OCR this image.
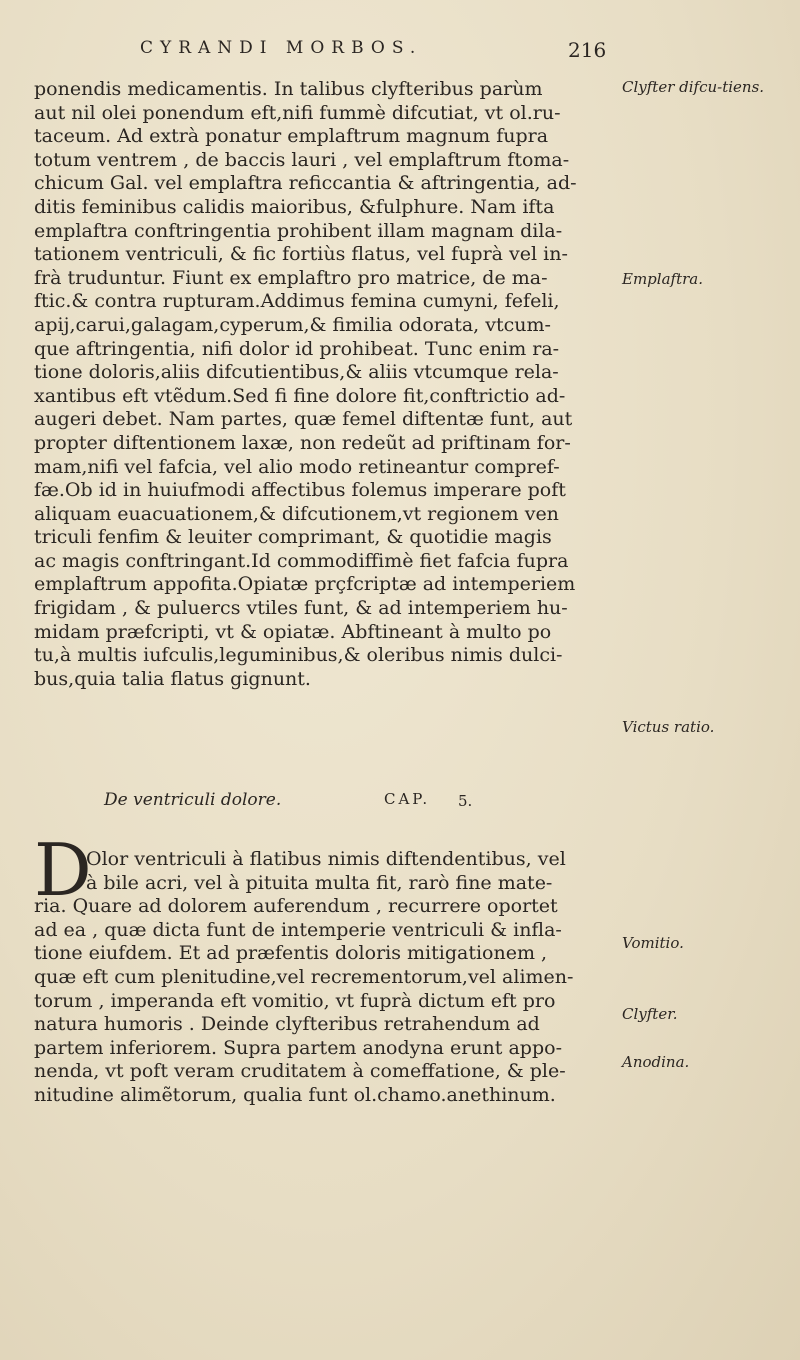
CYRANDI MORBOS.	216
ponendis medicamentis. In talibus clyfteribus parùm
aut nil olei ponendum eft,nifi fummè difcutiat, vt ol.ru-
taceum. Ad extrà ponatur emplaftrum magnum fupra
totum ventrem , de baccis lauri , vel emplaftrum ftoma-
chicum Gal. vel emplaftra reficcantia & aftringentia, ad-
ditis feminibus calidis maioribus, &fulphure. Nam ifta
emplaftra conftringentia prohibent illam magnam dila-
tationem ventriculi, & fic fortiùs flatus, vel fuprà vel in-
frà truduntur. Fiunt ex emplaftro pro matrice, de ma-
ftic.& contra rupturam.Addimus femina cumyni, fefeli,
apij,carui,galagam,cyperum,& fimilia odorata, vtcum-
que aftringentia, nifi dolor id prohibeat. Tunc enim ra-
tione doloris,aliis difcutientibus,& aliis vtcumque rela-
xantibus eft vtẽdum.Sed fi fine dolore fit,conftrictio ad-
augeri debet. Nam partes, quæ femel diftentæ funt, aut
propter diftentionem laxæ, non redeũt ad priftinam for-
mam,nifi vel fafcia, vel alio modo retineantur compref-
fæ.Ob id in huiufmodi affectibus folemus imperare poft
aliquam euacuationem,& difcutionem,vt regionem ven
triculi fenfim & leuiter comprimant, & quotidie magis
ac magis conftringant.Id commodiffimè fiet fafcia fupra
emplaftrum appofita.Opiatæ prçfcriptæ ad intemperiem
frigidam , & puluercs vtiles funt, & ad intemperiem hu-
midam præfcripti, vt & opiatæ. Abftineant à multo po
tu,à multis iufculis,leguminibus,& oleribus nimis dulci-
bus,quia talia flatus gignunt.
De ventriculi dolore.	CAP. 5.
D
Olor ventriculi à flatibus nimis diftendentibus, vel
à bile acri, vel à pituita multa fit, rarò fine mate-
ria. Quare ad dolorem auferendum , recurrere oportet
ad ea , quæ dicta funt de intemperie ventriculi & infla-
tione eiufdem. Et ad præfentis doloris mitigationem ,
quæ eft cum plenitudine,vel recrementorum,vel alimen-
torum , imperanda eft vomitio, vt fuprà dictum eft pro
natura humoris . Deinde clyfteribus retrahendum ad
partem inferiorem. Supra partem anodyna erunt appo-
nenda, vt poft veram cruditatem à comeffatione, & ple-
nitudine alimẽtorum, qualia funt ol.chamo.anethinum.
Clyfter difcu-tiens.
Emplaftra.
Victus ratio.
Vomitio.
Clyfter.
Anodina.
